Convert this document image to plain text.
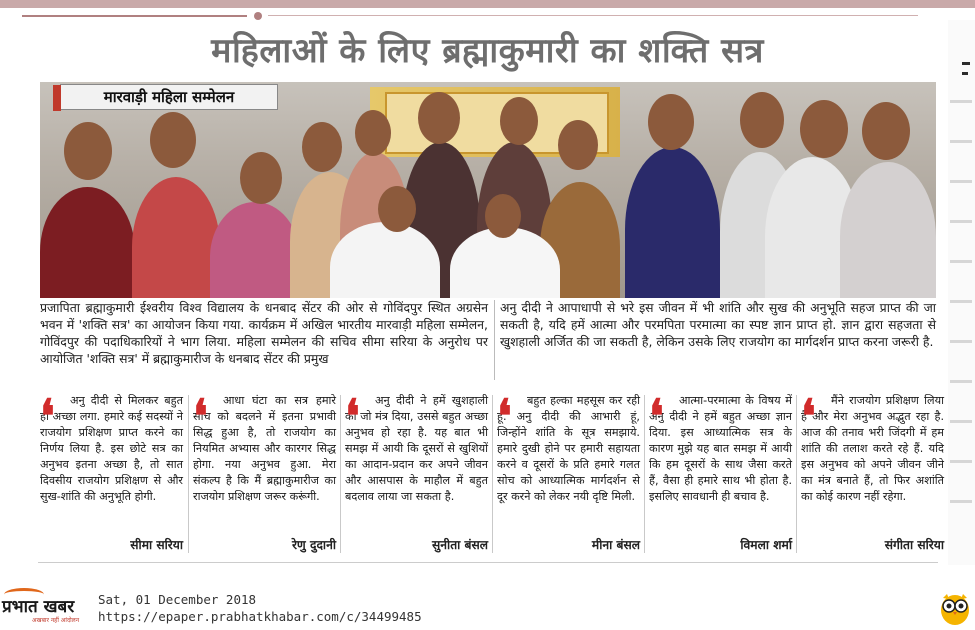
महिलाओं के लिए ब्रह्माकुमारी का शक्ति सत्र
मारवाड़ी महिला सम्मेलन
प्रजापिता ब्रह्माकुमारी ईश्वरीय विश्व विद्यालय के धनबाद सेंटर की ओर से गोविंदपुर स्थित अग्रसेन भवन में 'शक्ति सत्र' का आयोजन किया गया. कार्यक्रम में अखिल भारतीय मारवाड़ी महिला सम्मेलन, गोविंदपुर की पदाधिकारियों ने भाग लिया. महिला सम्मेलन की सचिव सीमा सरिया के अनुरोध पर आयोजित 'शक्ति सत्र' में ब्रह्माकुमारीज के धनबाद सेंटर की प्रमुख
अनु दीदी ने आपाधापी से भरे इस जीवन में भी शांति और सुख की अनुभूति सहज प्राप्त की जा सकती है, यदि हमें आत्मा और परमपिता परमात्मा का स्पष्ट ज्ञान प्राप्त हो. ज्ञान द्वारा सहजता से खुशहाली अर्जित की जा सकती है, लेकिन उसके लिए राजयोग का मार्गदर्शन प्राप्त करना जरूरी है.
अनु दीदी से मिलकर बहुत ही अच्छा लगा. हमारे कई सदस्यों ने राजयोग प्रशिक्षण प्राप्त करने का निर्णय लिया है. इस छोटे सत्र का अनुभव इतना अच्छा है, तो सात दिवसीय राजयोग प्रशिक्षण से और सुख-शांति की अनुभूति होगी.
❛
सीमा सरिया
आधा घंटा का सत्र हमारे सोच को बदलने में इतना प्रभावी सिद्ध हुआ है, तो राजयोग का नियमित अभ्यास और कारगर सिद्ध होगा. नया अनुभव हुआ. मेरा संकल्प है कि मैं ब्रह्माकुमारीज का राजयोग प्रशिक्षण जरूर करूंगी.
❛
रेणु दुदानी
अनु दीदी ने हमें खुशहाली का जो मंत्र दिया, उससे बहुत अच्छा अनुभव हो रहा है. यह बात भी समझ में आयी कि दूसरों से खुशियों का आदान-प्रदान कर अपने जीवन और आसपास के माहौल में बहुत बदलाव लाया जा सकता है.
❛
सुनीता बंसल
बहुत हल्का महसूस कर रही हूं. अनु दीदी की आभारी हूं, जिन्होंने शांति के सूत्र समझाये. हमारे दुखी होने पर हमारी सहायता करने व दूसरों के प्रति हमारे गलत सोच को आध्यात्मिक मार्गदर्शन से दूर करने को लेकर नयी दृष्टि मिली.
❛
मीना बंसल
आत्मा-परमात्मा के विषय में अनु दीदी ने हमें बहुत अच्छा ज्ञान दिया. इस आध्यात्मिक सत्र के कारण मुझे यह बात समझ में आयी कि हम दूसरों के साथ जैसा करते हैं, वैसा ही हमारे साथ भी होता है. इसलिए सावधानी ही बचाव है.
❛
विमला शर्मा
मैंने राजयोग प्रशिक्षण लिया है और मेरा अनुभव अद्भुत रहा है. आज की तनाव भरी जिंदगी में हम शांति की तलाश करते रहे हैं. यदि इस अनुभव को अपने जीवन जीने का मंत्र बनाते हैं, तो फिर अशांति का कोई कारण नहीं रहेगा.
❛
संगीता सरिया
प्रभात खबर
अखबार नहीं आंदोलन
Sat, 01 December 2018
https://epaper.prabhatkhabar.com/c/34499485
